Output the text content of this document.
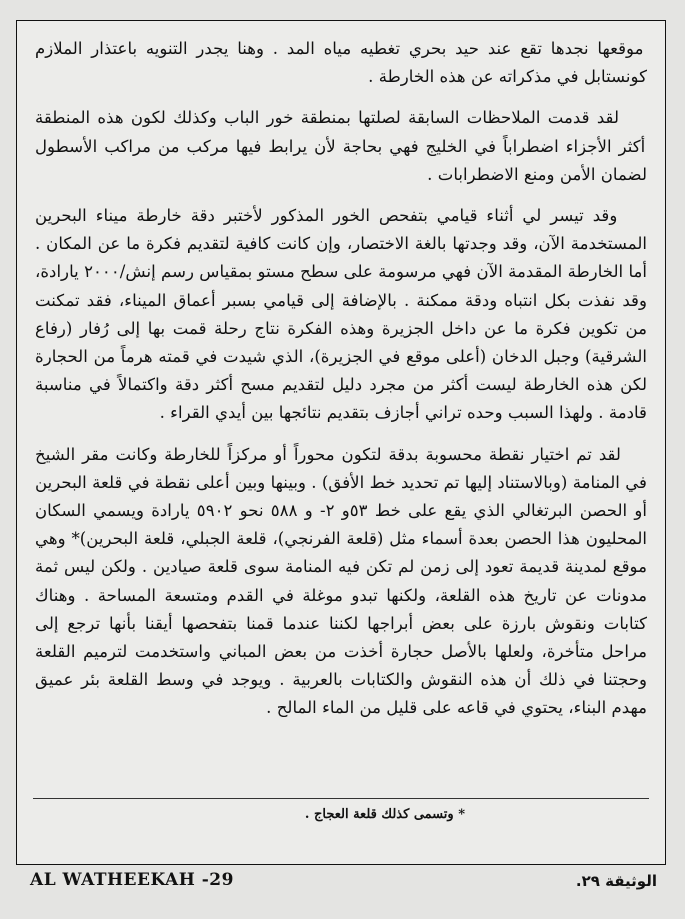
موقعها نجدها تقع عند حيد بحري تغطيه مياه المد . وهنا يجدر التنويه باعتذار الملازم كونستابل في مذكراته عن هذه الخارطة .

لقد قدمت الملاحظات السابقة لصلتها بمنطقة خور الباب وكذلك لكون هذه المنطقة أكثر الأجزاء اضطراباً في الخليج فهي بحاجة لأن يرابط فيها مركب من مراكب الأسطول لضمان الأمن ومنع الاضطرابات .

وقد تيسر لي أثناء قيامي بتفحص الخور المذكور لأختبر دقة خارطة ميناء البحرين المستخدمة الآن، وقد وجدتها بالغة الاختصار، وإن كانت كافية لتقديم فكرة ما عن المكان . أما الخارطة المقدمة الآن فهي مرسومة على سطح مستو بمقياس رسم إنش/٢٠٠٠ يارادة، وقد نفذت بكل انتباه ودقة ممكنة . بالإضافة إلى قيامي بسبر أعماق الميناء، فقد تمكنت من تكوين فكرة ما عن داخل الجزيرة وهذه الفكرة نتاج رحلة قمت بها إلى رُفار (رفاع الشرقية) وجبل الدخان (أعلى موقع في الجزيرة)، الذي شيدت في قمته هرماً من الحجارة لكن هذه الخارطة ليست أكثر من مجرد دليل لتقديم مسح أكثر دقة واكتمالاً في مناسبة قادمة . ولهذا السبب وحده تراني أجازف بتقديم نتائجها بين أيدي القراء .

لقد تم اختيار نقطة محسوبة بدقة لتكون محوراً أو مركزاً للخارطة وكانت مقر الشيخ في المنامة (وبالاستناد إليها تم تحديد خط الأفق) . وبينها وبين أعلى نقطة في قلعة البحرين أو الحصن البرتغالي الذي يقع على خط ٥٣و ٢- و ٥٨٨ نحو ٥٩٠٢ يارادة ويسمي السكان المحليون هذا الحصن بعدة أسماء مثل (قلعة الفرنجي)، قلعة الجبلي، قلعة البحرين)* وهي موقع لمدينة قديمة تعود إلى زمن لم تكن فيه المنامة سوى قلعة صيادين . ولكن ليس ثمة مدونات عن تاريخ هذه القلعة، ولكنها تبدو موغلة في القدم ومتسعة المساحة . وهناك كتابات ونقوش بارزة على بعض أبراجها لكننا عندما قمنا بتفحصها أيقنا بأنها ترجع إلى مراحل متأخرة، ولعلها بالأصل حجارة أخذت من بعض المباني واستخدمت لترميم القلعة وحجتنا في ذلك أن هذه النقوش والكتابات بالعربية . ويوجد في وسط القلعة بئر عميق مهدم البناء، يحتوي في قاعه على قليل من الماء المالح .

* وتسمى كذلك قلعة العجاج .
AL WATHEEKAH -29	الوثيقة ٢٩.
